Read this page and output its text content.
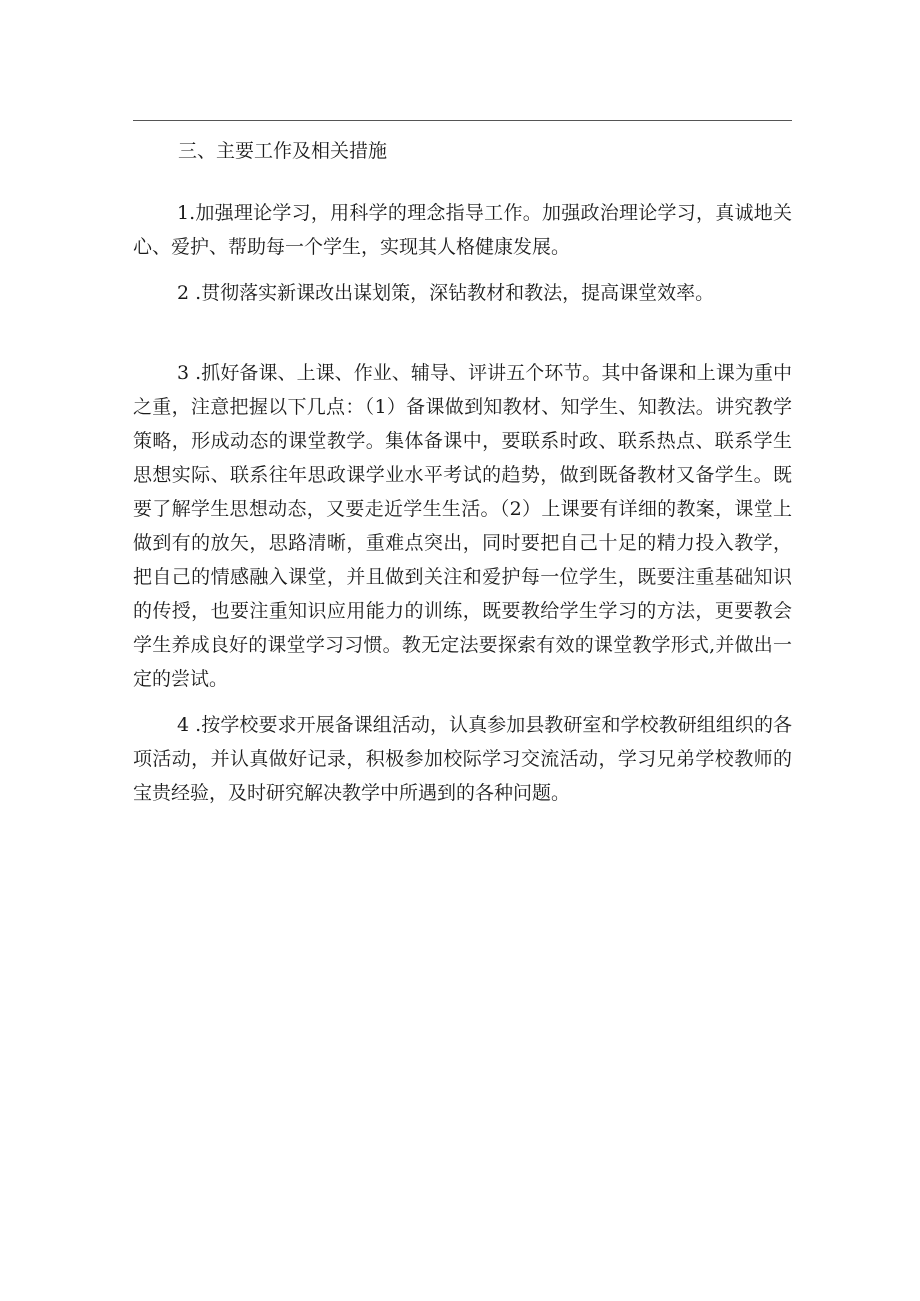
三、主要工作及相关措施

1.加强理论学习，用科学的理念指导工作。加强政治理论学习，真诚地关心、爱护、帮助每一个学生，实现其人格健康发展。

2 .贯彻落实新课改出谋划策，深钻教材和教法，提高课堂效率。

3 .抓好备课、上课、作业、辅导、评讲五个环节。其中备课和上课为重中之重，注意把握以下几点：（1）备课做到知教材、知学生、知教法。讲究教学策略，形成动态的课堂教学。集体备课中，要联系时政、联系热点、联系学生思想实际、联系往年思政课学业水平考试的趋势，做到既备教材又备学生。既要了解学生思想动态，又要走近学生生活。（2）上课要有详细的教案，课堂上做到有的放矢，思路清晰，重难点突出，同时要把自己十足的精力投入教学，把自己的情感融入课堂，并且做到关注和爱护每一位学生，既要注重基础知识的传授，也要注重知识应用能力的训练，既要教给学生学习的方法，更要教会学生养成良好的课堂学习习惯。教无定法要探索有效的课堂教学形式,并做出一定的尝试。

4 .按学校要求开展备课组活动，认真参加县教研室和学校教研组组织的各项活动，并认真做好记录，积极参加校际学习交流活动，学习兄弟学校教师的宝贵经验，及时研究解决教学中所遇到的各种问题。
